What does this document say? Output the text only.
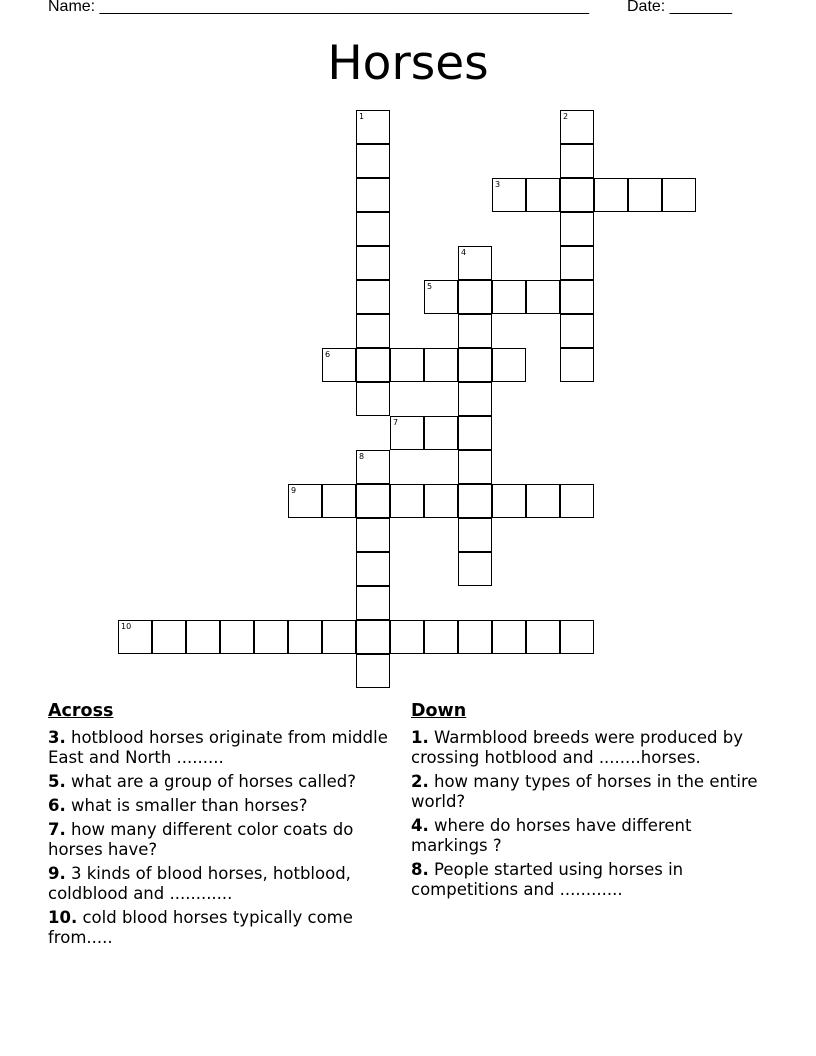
Name: _______________________________________________________ Date: _______
Horses
1	2
3
4
5
6
7
8
9
10
Across
3. hotblood horses originate from middle East and North .........
5. what are a group of horses called?
6. what is smaller than horses?
7. how many different color coats do horses have?
9. 3 kinds of blood horses, hotblood, coldblood and ............
10. cold blood horses typically come from.....
Down
1. Warmblood breeds were produced by crossing hotblood and ........horses.
2. how many types of horses in the entire world?
4. where do horses have different markings ?
8. People started using horses in competitions and ............
